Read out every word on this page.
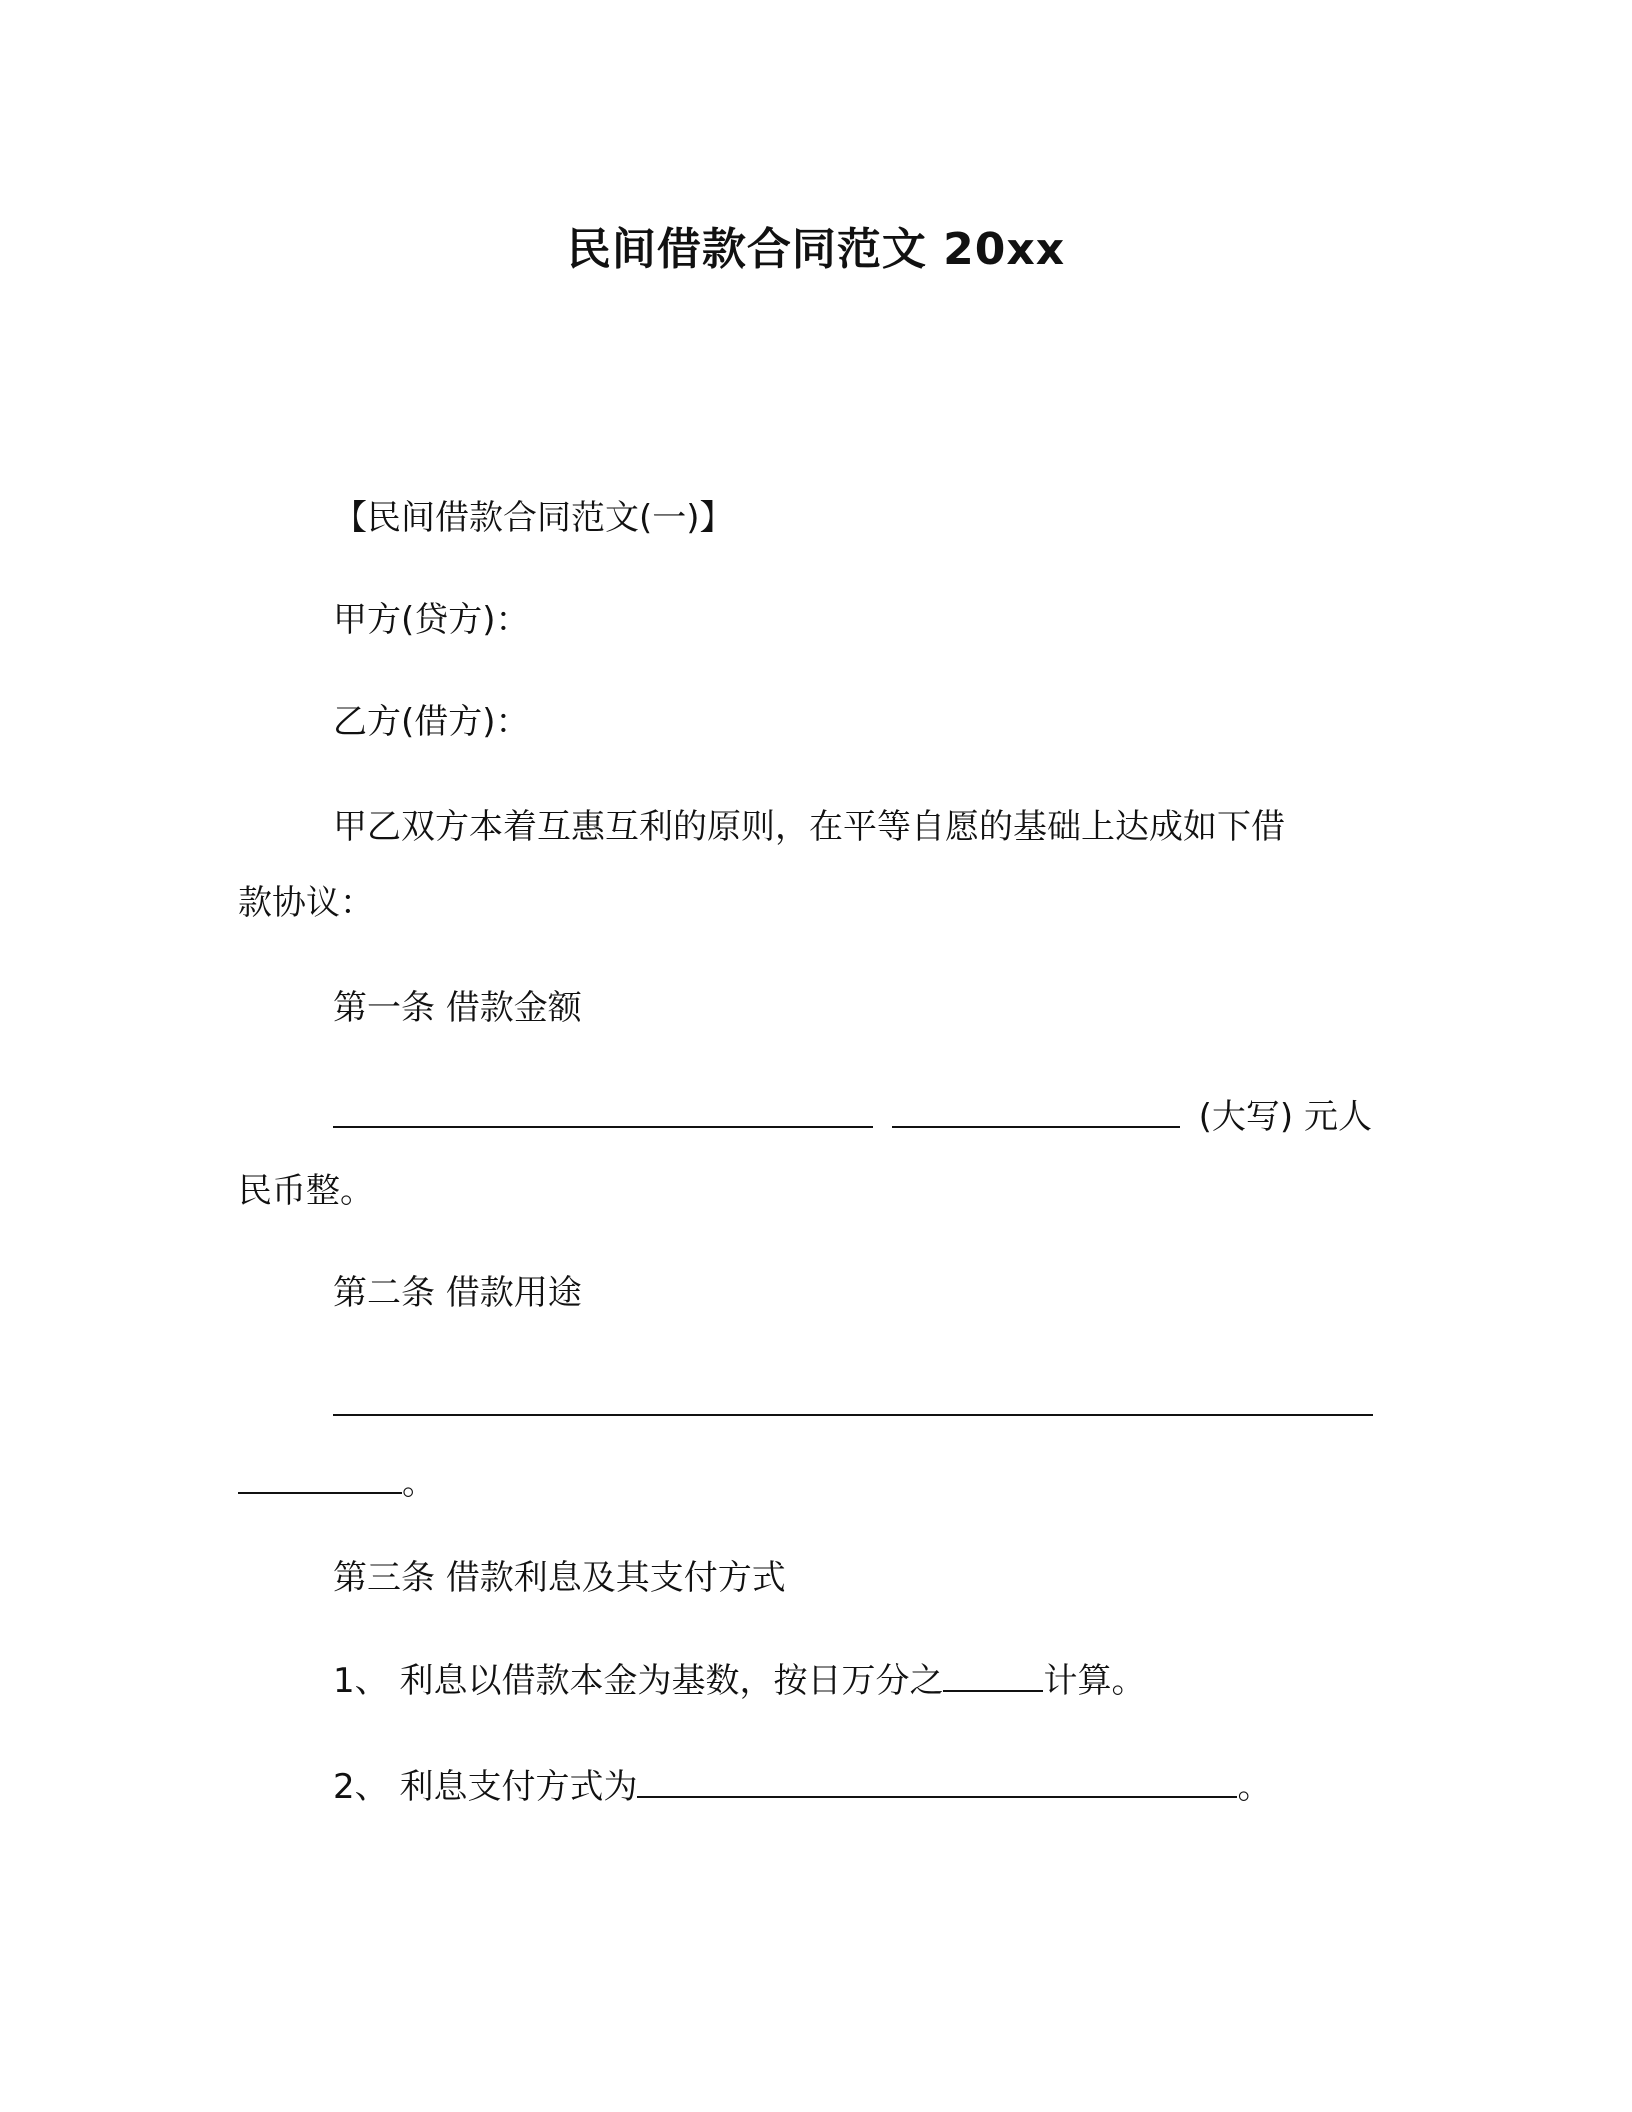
民间借款合同范文 20xx
【民间借款合同范文(一)】
甲方(贷方)：
乙方(借方)：
甲乙双方本着互惠互利的原则，在平等自愿的基础上达成如下借
款协议：
第一条 借款金额
(大写) 元人
民币整。
第二条 借款用途
。
第三条 借款利息及其支付方式
1、 利息以借款本金为基数，按日万分之	计算。
2、 利息支付方式为	。
